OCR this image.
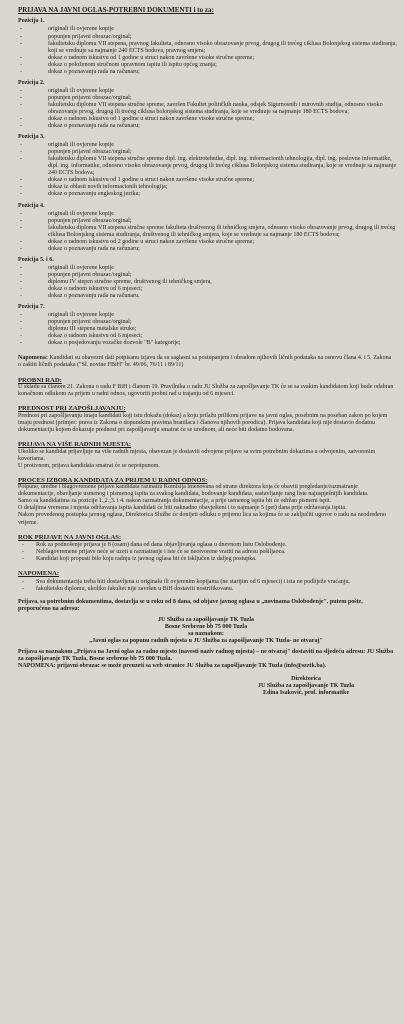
PRIJAVA NA JAVNI OGLAS-POTREBNI DOKUMENTI i to za:

Pozicija 1.

- originali ili ovjerene kopije
- popunjen prijavni obrazac/orginal;
- fakultetsku diplomu VII stepena, pravnog fakulteta, odnosno visoko obrazovanje prvog, drugog ili trećeg ciklusa Bolonjskog sistema studiranja, koji se vrednuje sa najmanje 240 ECTS bodova, pravnog smjera;
- dokaz o radnom iskustvu od 1 godine u struci nakon završene visoke stručne spreme;
- dokaz o položenom stručnom upravnom ispitu ili ispitu općeg znanja;
- dokaz o poznavanju rada na računaru;

Pozicija 2.

- originali ili ovjerene kopije
- popunjen prijavni obrazac/orginal;
- fakultetsku diplomu VII stepena stručne spreme, završen Fakultet političkih nauka, odsjek Sigurnosnih i mirovnih studija, odnosno visoko obrazovanje prvog, drugog ili trećeg ciklusa bolonjskog sistema studiranja, koje se vrednuje sa najmanje 180 ECTS bodova;
- dokaz o radnom iskustvu od 1 godine u struci nakon završene visoke stručne spreme;
- dokaz o poznavanju rada na računaru;

Pozicija 3.

- originali ili ovjerene kopije
- popunjen prijavni obrazac/orginal;
- fakultetsku diplomu VII stepena stručne spreme dipl. ing. elektrotehnike, dipl. ing. informacionih tehnologija, dipl. ing. poslovne informatike, dipl. ing. informatike, odnosno visoko obrazovanje prvog, drugog ili trećeg ciklusa Bolonjskog sistema studiranja, koje se vrednuje sa najmanje 240 ECTS bodova;
- dokaz o radnom iskustvu od 1 godine u struci nakon završene visoke stručne spreme;
- dokaz iz oblasti novih informacionih tehnologija;
- dokaz o poznavanju engleskog jezika;

Pozicija 4.

- originali ili ovjerene kopije
- popunjen prijavni obrazac/orginal;
- fakultetsku diplomu VII stepena stručne spreme fakulteta društvenog ili tehničkog smjera, odnosno visoko obrazovanje prvog, drugog ili trećeg ciklusa Bolonjskog sistema studiranja, društvenog ili tehničkog smjera, koje se vrednuje sa najmanje 180 ECTS bodova;
- dokaz o radnom iskustvu od 2 godine u struci nakon završene visoke stručne spreme;
- dokaz o poznavanju rada na računaru;

Pozicija 5. i 6.

- originali ili ovjerene kopije
- popunjen prijavni obrazac/orginal;
- diplomu IV stepen stručne spreme, društvenog ili tehničkog smjera,
- dokaz o radnom iskustvu od 6 mjeseci;
- dokaz o poznavanju rada na računaru.

Pozicija 7.

- originali ili ovjerene kopije
- popunjen prijavni obrazac/orginal;
- diplomu III stepena metalske struke;
- dokaz o radnom iskustvu od 6 mjeseci;
- dokaz o posjedovanju vozačke dozvole "B" kategorije;

Napomena: Kandidati su obavezni dati potpisanu izjavu da su saglasni sa postupanjem i obradom njihovih ličnih podataka na osnovu člana 4. i 5. Zakona o zaštiti ličnih podataka ("Sl. novine FBiH" br. 49/06, 76/11 i 89/11)

PROBNI RAD:

U skladu sa članom 21. Zakona o radu F BiH i članom 19. Pravilnika o radu JU Služba za zapošljavanje TK će se sa svakim kandidatom koji bude odabran konačnom odlukom za prijem u radni odnos, ugovoriti probni rad u trajanju od 6 mjeseci.

PREDNOST PRI ZAPOŠLJAVANJU:

Prednost pri zapošljavanju imaju kandidati koji istu dokažu (dokaz) a koju prilažu prilikom prijave na javni oglas, posebnim na poseban zakon po kojem imaju prednost (primjer: prava iz Zakona o dopunskim pravima branilaca i članova njihovih porodica). Prijava kandidata koji nije dostavio dodatnu dokumentaciju kojom dokazuje prednost pri zapošljavanju smatrat će se urednom, ali neće biti dodatno bodovana.

PRIJAVA NA VIŠE RADNIH MJESTA:

Ukoliko se kandidat prijavljuje na više radnih mjesta, obavezan je dostaviti odvojene prijave sa svim potrebnim dokazima u odvojenim, zatvorenim kovertama.

U protivnom, prijava kandidata smatrat će se nepotpunom.

PROCES IZBORA KANDIDATA ZA PRIJEM U RADNI ODNOS:

Potpune, uredne i blagovremene prijave kandidata razmatra Komisija imenovana od strane direktora koja će obaviti pregledanje/razmatranje dokumentacije, obavljanje usmenog i pismenog ispita za svakog kandidata, bodovanje kandidata, sastavljanje rang liste najuspješnijih kandidata.

Samo sa kandidatima za pozicije 1.,2.,3. i 4. nakon razmatranja dokumentacije, a prije usmenog ispita bit će održan pismeni ispit.

O detaljima vremena i mjesta održavanja ispita kandidati će biti naknadno obavještenі i to najmanje 5 (pet) dana prije održavanja ispita.

Nakon provedenog postupka javnog oglasa, Direktorica Službe će donijeti odluku o prijemu lica sa kojima će se zaključiti ugovor o radu na neodređeno vrijeme.

ROK PRIJAVE NA JAVNI OGLAS:
- Rok za podnošenje prijava je 8 (osam) dana od dana objavljivanja oglasa u dnevnom listu Oslobođenje.
- Neblagovremene prijave neće se uzeti u razmatranje i iste će se neotvorene vratiti na adresu pošiljaoca.
- Kandidat koji propusti bilo koju radnju iz javnog oglasa bit će isključen iz daljeg postupka.
NAPOMENA:
- Sva dokumentacija treba biti dostavljena u originalu ili ovjerenim kopijama (ne starijim od 6 mjeseci) i ista ne podliježe vraćanju.
- fakultetsku diplomu, ukoliko fakultet nije završen u BiH dostaviti nostrifikovanu.

Prijava, sa potrebnim dokumentima, dostavlja se u roku od 8 dana, od objave javnog oglasa u „novinama Oslobođenje", putem pošte, preporučeno na adresu:

JU Služba za zapošljavanje TK Tuzla

Bosne Srebrene bb 75 000 Tuzla

sa naznakom:

„Javni oglas za popunu radnih mjesta u JU Služba za zapošljavanje TK Tuzla- ne otvaraj"

Prijava sa naznakom „Prijava na Javni oglas za radno mjesto (navesti naziv radnog mjesta) – ne otvaraj" dostaviti na sljedeću adresu: JU Služba za zapošljavanje TK Tuzla, Bosne srebrene bb 75 000 Tuzla.

NAPOMENA: prijavni obrazac se može preuzeti sa web stranice JU Služba za zapošljavanje TK Tuzla (info@szztk.ba).

Direktorica

JU Služba za zapošljavanje TK Tuzla

Edina Isaković, prof. informatike
